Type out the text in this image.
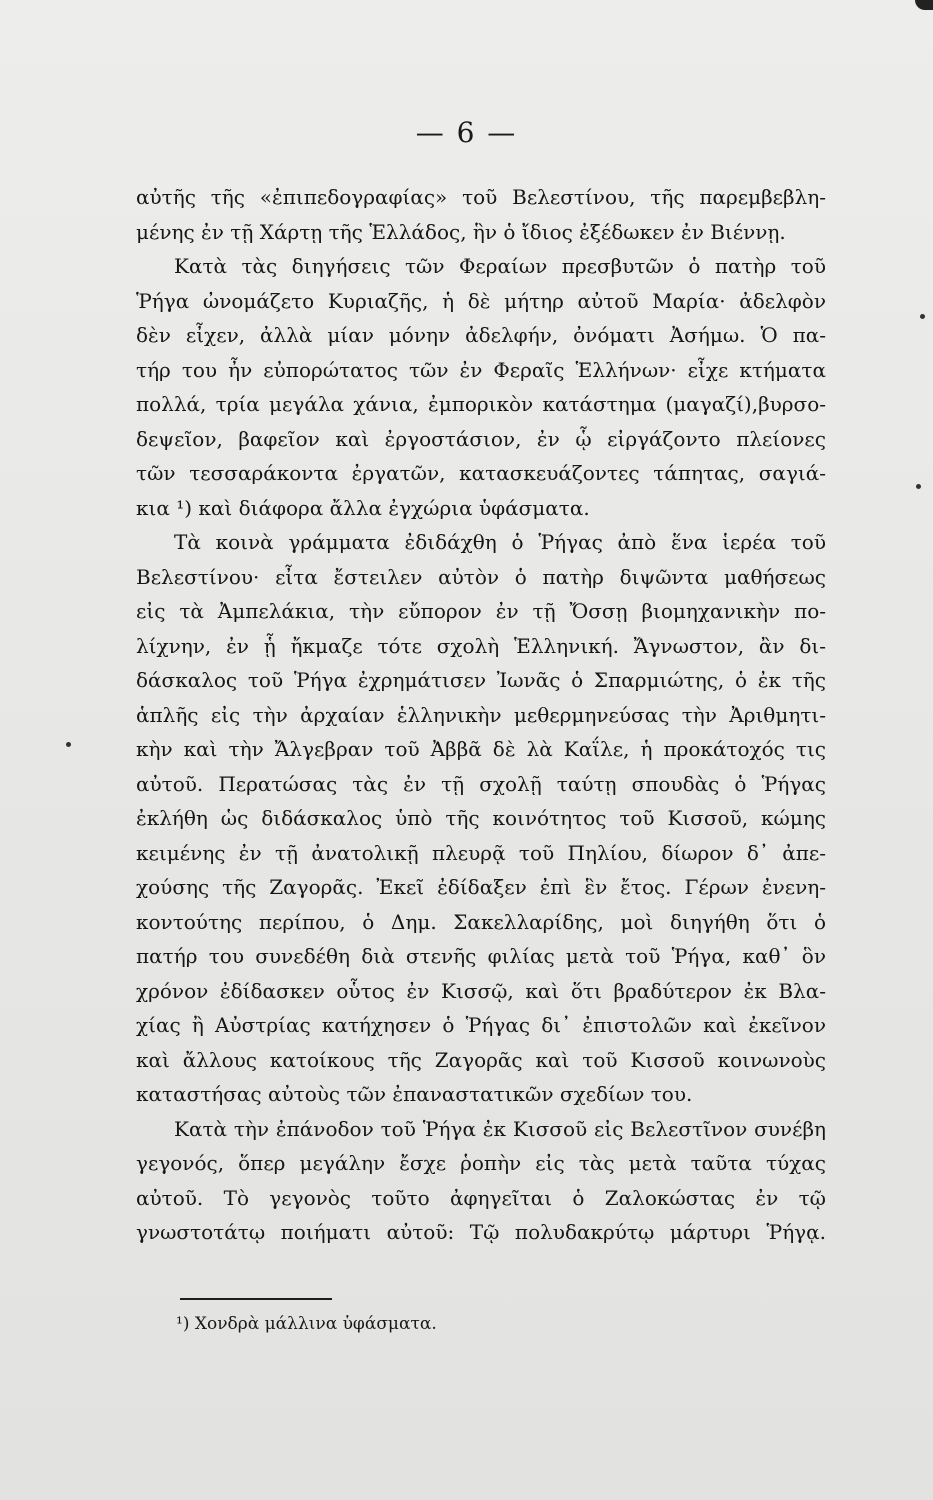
— 6 —
αὐτῆς τῆς «ἐπιπεδογραφίας» τοῦ Βελεστίνου, τῆς παρεμβεβλη-
μένης ἐν τῇ Χάρτῃ τῆς Ἑλλάδος, ἣν ὁ ἴδιος ἐξέδωκεν ἐν Βιέννῃ.
Κατὰ τὰς διηγήσεις τῶν Φεραίων πρεσβυτῶν ὁ πατὴρ τοῦ
Ῥήγα ὠνομάζετο Κυριαζῆς, ἡ δὲ μήτηρ αὐτοῦ Μαρία· ἀδελφὸν
δὲν εἶχεν, ἀλλὰ μίαν μόνην ἀδελφήν, ὀνόματι Ἀσήμω. Ὁ πα-
τήρ του ἦν εὐπορώτατος τῶν ἐν Φεραῖς Ἑλλήνων· εἶχε κτήματα
πολλά, τρία μεγάλα χάνια, ἐμπορικὸν κατάστημα (μαγαζί),βυρσο-
δεψεῖον, βαφεῖον καὶ ἐργοστάσιον, ἐν ᾧ εἰργάζοντο πλείονες
τῶν τεσσαράκοντα ἐργατῶν, κατασκευάζοντες τάπητας, σαγιά-
κια ¹) καὶ διάφορα ἄλλα ἐγχώρια ὑφάσματα.
Τὰ κοινὰ γράμματα ἐδιδάχθη ὁ Ῥήγας ἀπὸ ἕνα ἱερέα τοῦ
Βελεστίνου· εἶτα ἔστειλεν αὐτὸν ὁ πατὴρ διψῶντα μαθήσεως
εἰς τὰ Ἀμπελάκια, τὴν εὔπορον ἐν τῇ Ὄσσῃ βιομηχανικὴν πο-
λίχνην, ἐν ᾗ ἤκμαζε τότε σχολὴ Ἑλληνική. Ἄγνωστον, ἂν δι-
δάσκαλος τοῦ Ῥήγα ἐχρημάτισεν Ἰωνᾶς ὁ Σπαρμιώτης, ὁ ἐκ τῆς
ἁπλῆς εἰς τὴν ἀρχαίαν ἑλληνικὴν μεθερμηνεύσας τὴν Ἀριθμητι-
κὴν καὶ τὴν Ἄλγεβραν τοῦ Ἀββᾶ δὲ λὰ Καΐλε, ἡ προκάτοχός τις
αὐτοῦ. Περατώσας τὰς ἐν τῇ σχολῇ ταύτῃ σπουδὰς ὁ Ῥήγας
ἐκλήθη ὡς διδάσκαλος ὑπὸ τῆς κοινότητος τοῦ Κισσοῦ, κώμης
κειμένης ἐν τῇ ἀνατολικῇ πλευρᾷ τοῦ Πηλίου, δίωρον δ᾿ ἀπε-
χούσης τῆς Ζαγορᾶς. Ἐκεῖ ἐδίδαξεν ἐπὶ ἓν ἔτος. Γέρων ἐνενη-
κοντούτης περίπου, ὁ Δημ. Σακελλαρίδης, μοὶ διηγήθη ὅτι ὁ
πατήρ του συνεδέθη διὰ στενῆς φιλίας μετὰ τοῦ Ῥήγα, καθ᾿ ὃν
χρόνον ἐδίδασκεν οὗτος ἐν Κισσῷ, καὶ ὅτι βραδύτερον ἐκ Βλα-
χίας ἢ Αὐστρίας κατήχησεν ὁ Ῥήγας δι᾿ ἐπιστολῶν καὶ ἐκεῖνον
καὶ ἄλλους κατοίκους τῆς Ζαγορᾶς καὶ τοῦ Κισσοῦ κοινωνοὺς
καταστήσας αὐτοὺς τῶν ἐπαναστατικῶν σχεδίων του.
Κατὰ τὴν ἐπάνοδον τοῦ Ῥήγα ἐκ Κισσοῦ εἰς Βελεστῖνον συνέβη
γεγονός, ὅπερ μεγάλην ἔσχε ῥοπὴν εἰς τὰς μετὰ ταῦτα τύχας
αὐτοῦ. Τὸ γεγονὸς τοῦτο ἀφηγεῖται ὁ Ζαλοκώστας ἐν τῷ
γνωστοτάτῳ ποιήματι αὐτοῦ: Τῷ πολυδακρύτῳ μάρτυρι Ῥήγᾳ.
¹) Χονδρὰ μάλλινα ὑφάσματα.
